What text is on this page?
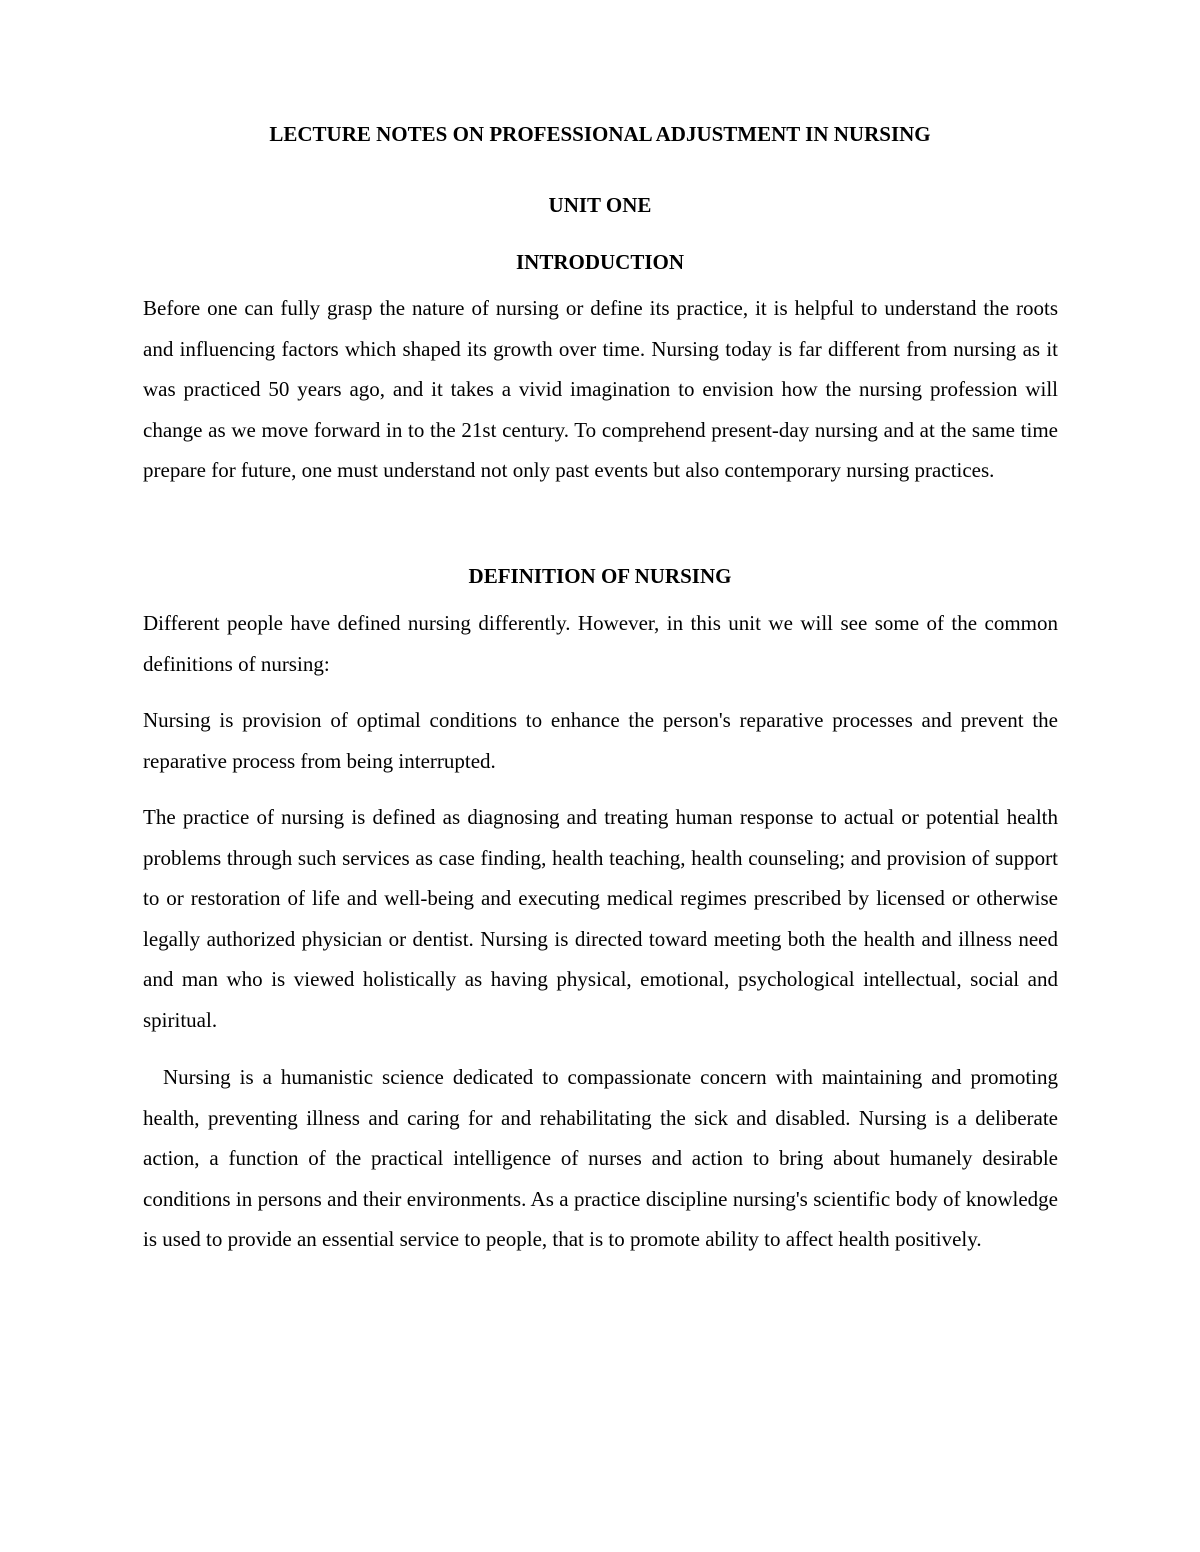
LECTURE NOTES ON PROFESSIONAL ADJUSTMENT IN NURSING
UNIT ONE
INTRODUCTION

Before one can fully grasp the nature of nursing or define its practice, it is helpful to understand the roots and influencing factors which shaped its growth over time. Nursing today is far different from nursing as it was practiced 50 years ago, and it takes a vivid imagination to envision how the nursing profession will change as we move forward in to the 21st century. To comprehend present-day nursing and at the same time prepare for future, one must understand not only past events but also contemporary nursing practices.

DEFINITION OF NURSING

Different people have defined nursing differently. However, in this unit we will see some of the common definitions of nursing:

Nursing is provision of optimal conditions to enhance the person's reparative processes and prevent the reparative process from being interrupted.

The practice of nursing is defined as diagnosing and treating human response to actual or potential health problems through such services as case finding, health teaching, health counseling; and provision of support to or restoration of life and well-being and executing medical regimes prescribed by licensed or otherwise legally authorized physician or dentist. Nursing is directed toward meeting both the health and illness need and man who is viewed holistically as having physical, emotional, psychological intellectual, social and spiritual.

Nursing is a humanistic science dedicated to compassionate concern with maintaining and promoting health, preventing illness and caring for and rehabilitating the sick and disabled. Nursing is a deliberate action, a function of the practical intelligence of nurses and action to bring about humanely desirable conditions in persons and their environments. As a practice discipline nursing's scientific body of knowledge is used to provide an essential service to people, that is to promote ability to affect health positively.
